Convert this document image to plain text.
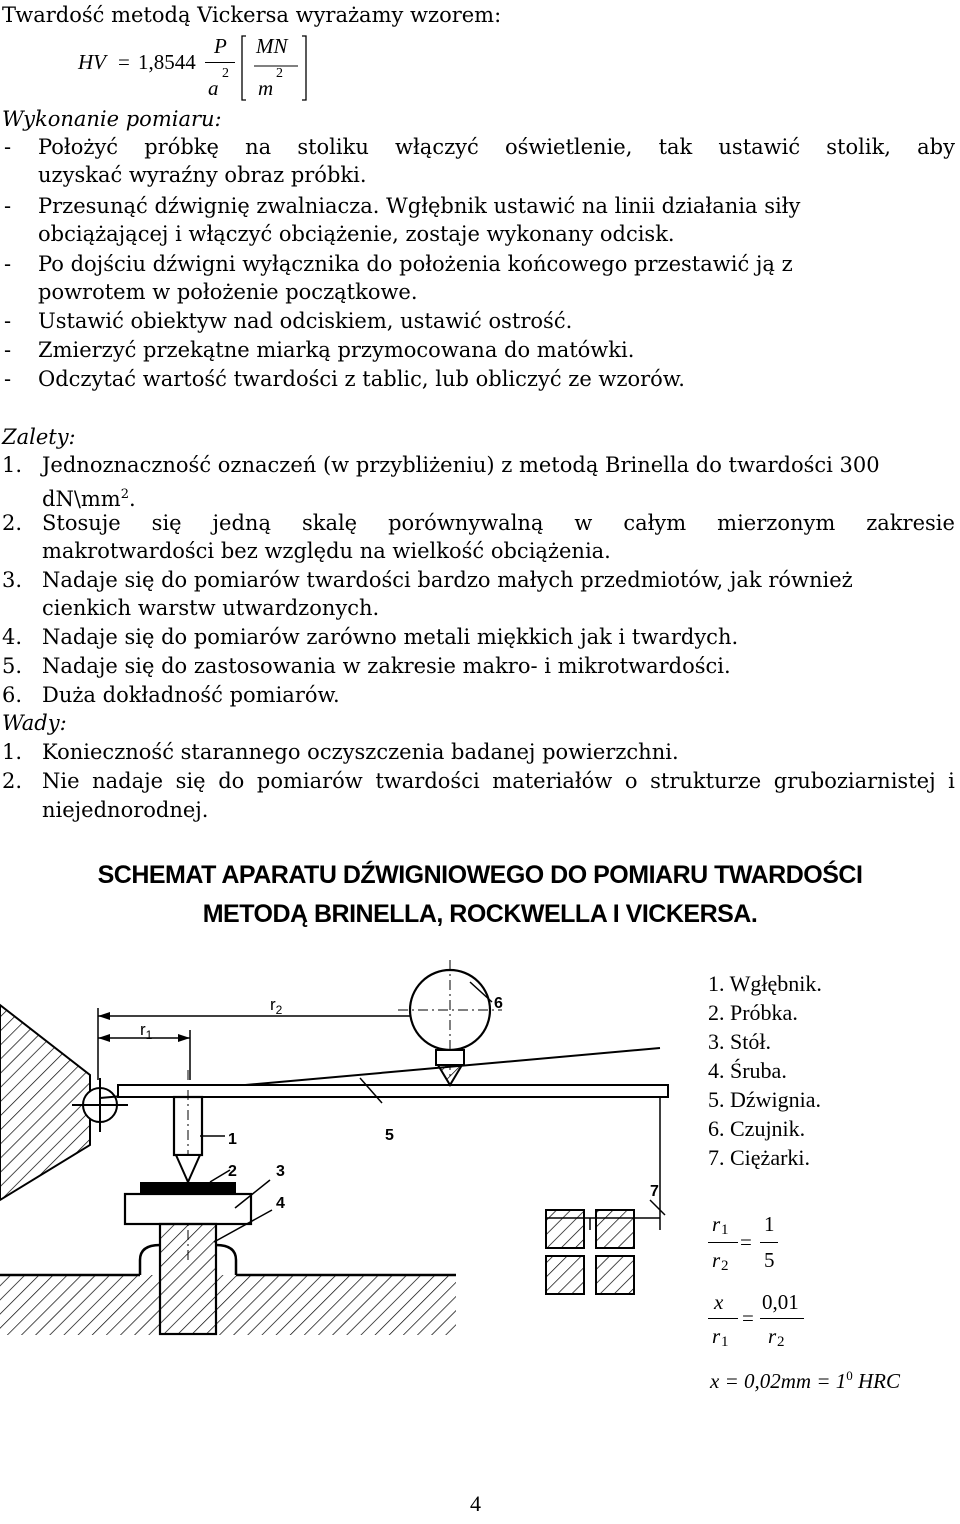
Twardość metodą Vickersa wyrażamy wzorem:
HV = 1,8544
P
a
2
MN
m
2
Wykonanie pomiaru:
- Położyć próbkę na stoliku włączyć oświetlenie, tak ustawić stolik, aby
uzyskać wyraźny obraz próbki.
- Przesunąć dźwignię zwalniacza. Wgłębnik ustawić na linii działania siły
obciążającej i włączyć obciążenie, zostaje wykonany odcisk.
- Po dojściu dźwigni wyłącznika do położenia końcowego przestawić ją z
powrotem w położenie początkowe.
- Ustawić obiektyw nad odciskiem, ustawić ostrość.
- Zmierzyć przekątne miarką przymocowana do matówki.
- Odczytać wartość twardości z tablic, lub obliczyć ze wzorów.
Zalety:
1. Jednoznaczność oznaczeń (w przybliżeniu) z metodą Brinella do twardości 300
$dN\backslash mm^2$.
2. Stosuje się jedną skalę porównywalną w całym mierzonym zakresie
makrotwardości bez względu na wielkość obciążenia.
3. Nadaje się do pomiarów twardości bardzo małych przedmiotów, jak również
cienkich warstw utwardzonych.
4. Nadaje się do pomiarów zarówno metali miękkich jak i twardych.
5. Nadaje się do zastosowania w zakresie makro- i mikrotwardości.
6. Duża dokładność pomiarów.
Wady:
1. Konieczność starannego oczyszczenia badanej powierzchni.
2. Nie nadaje się do pomiarów twardości materiałów o strukturze gruboziarnistej i
niejednorodnej.
SCHEMAT APARATU DŹWIGNIOWEGO DO POMIARU TWARDOŚCI
METODĄ BRINELLA, ROCKWELLA I VICKERSA.
$r_1$
$r_2$
1
2 3
4
5
6
7
1. Wgłębnik.
2. Próbka.
3. Stół.
4. Śruba.
5. Dźwignia.
6. Czujnik.
7. Ciężarki.
r 1
r 2
=
1
5
x
r 1
=
0,01
r 2
$x = 0,02mm = 1^0$ HRC
4
